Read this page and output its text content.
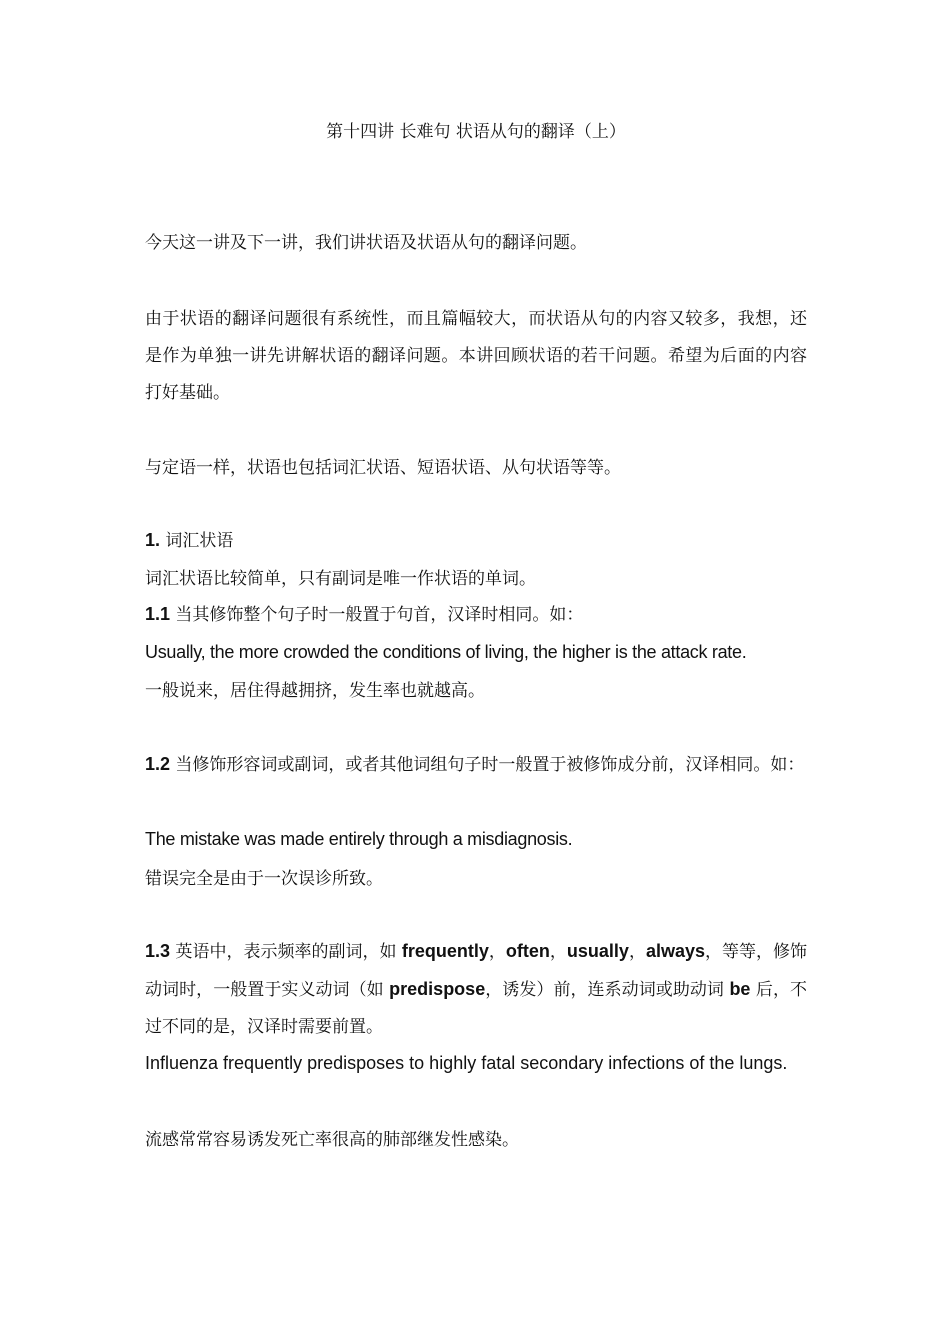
第十四讲 长难句 状语从句的翻译（上）
今天这一讲及下一讲，我们讲状语及状语从句的翻译问题。
由于状语的翻译问题很有系统性，而且篇幅较大，而状语从句的内容又较多，我想，还是作为单独一讲先讲解状语的翻译问题。本讲回顾状语的若干问题。希望为后面的内容打好基础。
与定语一样，状语也包括词汇状语、短语状语、从句状语等等。
1. 词汇状语
词汇状语比较简单，只有副词是唯一作状语的单词。
1.1 当其修饰整个句子时一般置于句首，汉译时相同。如：
Usually, the more crowded the conditions of living, the higher is the attack rate.
一般说来，居住得越拥挤，发生率也就越高。
1.2 当修饰形容词或副词，或者其他词组句子时一般置于被修饰成分前，汉译相同。如：
The mistake was made entirely through a misdiagnosis.
错误完全是由于一次误诊所致。
1.3 英语中，表示频率的副词，如 frequently，often，usually，always，等等，修饰动词时，一般置于实义动词（如 predispose，诱发）前，连系动词或助动词 be 后，不过不同的是，汉译时需要前置。
Influenza frequently predisposes to highly fatal secondary infections of the lungs.
流感常常容易诱发死亡率很高的肺部继发性感染。
